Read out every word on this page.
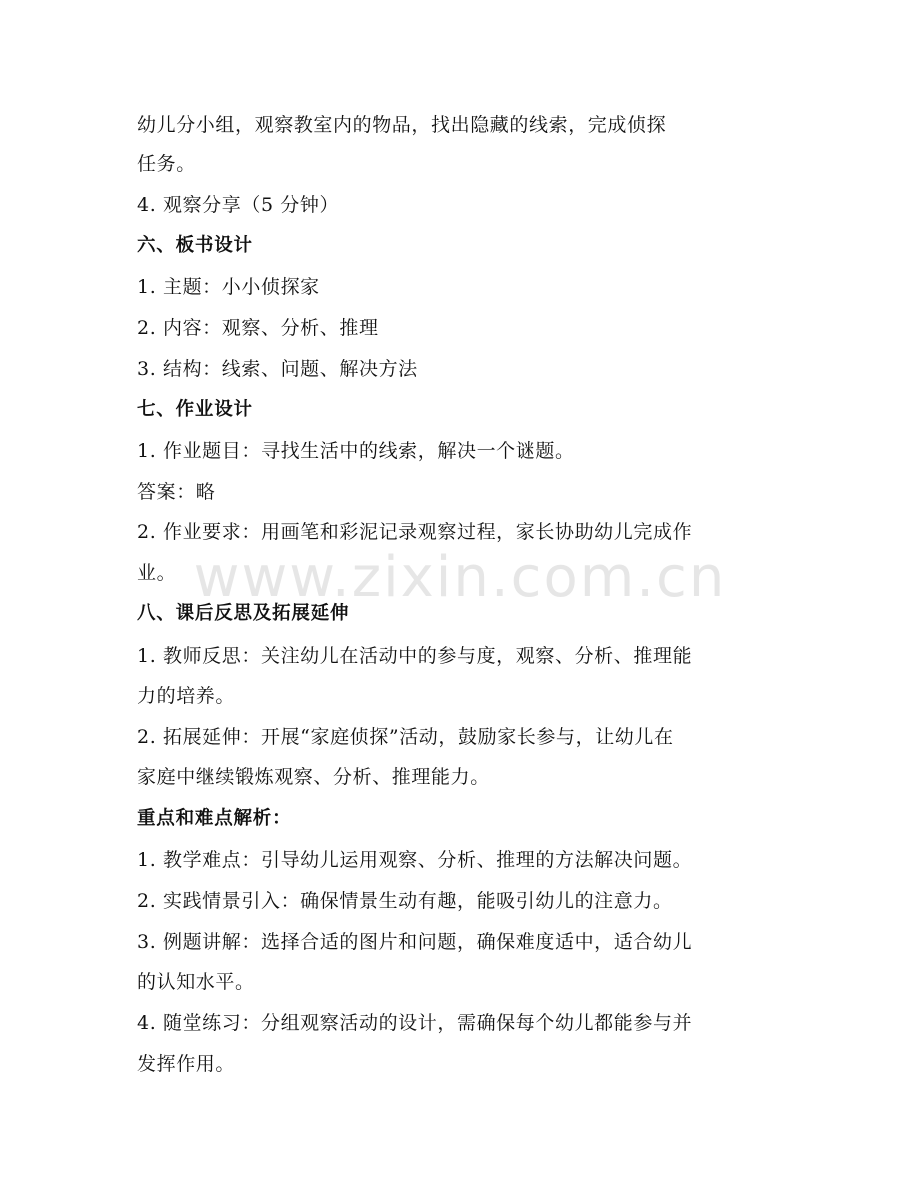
幼儿分小组，观察教室内的物品，找出隐藏的线索，完成侦探
任务。
4. 观察分享（5 分钟）
六、板书设计
1. 主题：小小侦探家
2. 内容：观察、分析、推理
3. 结构：线索、问题、解决方法
七、作业设计
1. 作业题目：寻找生活中的线索，解决一个谜题。
答案：略
2. 作业要求：用画笔和彩泥记录观察过程，家长协助幼儿完成作
业。
八、课后反思及拓展延伸
1. 教师反思：关注幼儿在活动中的参与度，观察、分析、推理能
力的培养。
2. 拓展延伸：开展“家庭侦探”活动，鼓励家长参与，让幼儿在
家庭中继续锻炼观察、分析、推理能力。
重点和难点解析：
1. 教学难点：引导幼儿运用观察、分析、推理的方法解决问题。
2. 实践情景引入：确保情景生动有趣，能吸引幼儿的注意力。
3. 例题讲解：选择合适的图片和问题，确保难度适中，适合幼儿
的认知水平。
4. 随堂练习：分组观察活动的设计，需确保每个幼儿都能参与并
发挥作用。
www.zixin.com.cn
